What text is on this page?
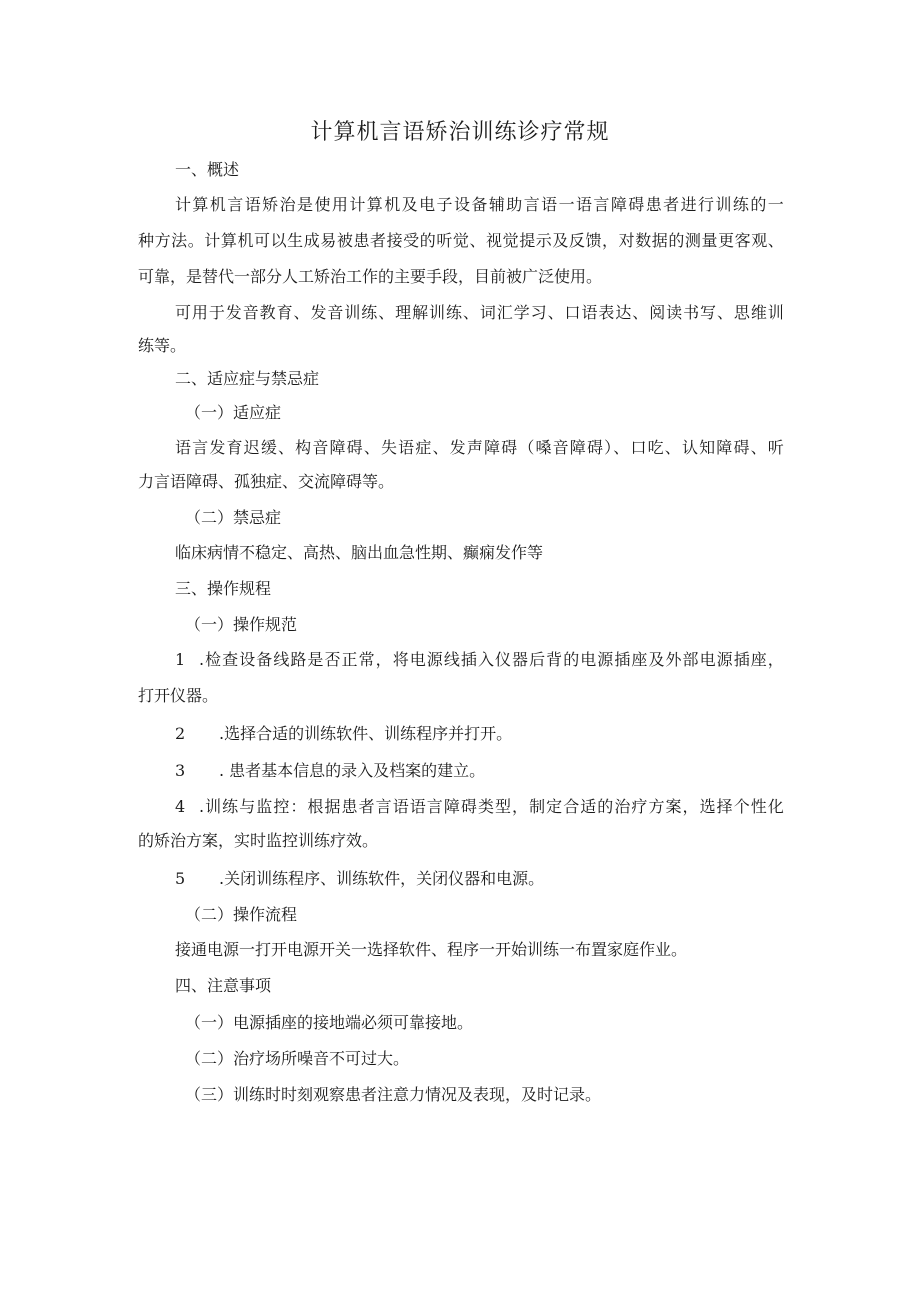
计算机言语矫治训练诊疗常规

一、概述

计算机言语矫治是使用计算机及电子设备辅助言语一语言障碍患者进行训练的一

种方法。计算机可以生成易被患者接受的听觉、视觉提示及反馈，对数据的测量更客观、

可靠，是替代一部分人工矫治工作的主要手段，目前被广泛使用。

可用于发音教育、发音训练、理解训练、词汇学习、口语表达、阅读书写、思维训

练等。

二、适应症与禁忌症

（一）适应症

语言发育迟缓、构音障碍、失语症、发声障碍（嗓音障碍）、口吃、认知障碍、听

力言语障碍、孤独症、交流障碍等。

（二）禁忌症

临床病情不稳定、高热、脑出血急性期、癫痫发作等

三、操作规程

（一）操作规范

1 .检查设备线路是否正常，将电源线插入仪器后背的电源插座及外部电源插座，

打开仪器。

2 .选择合适的训练软件、训练程序并打开。

3 . 患者基本信息的录入及档案的建立。

4 .训练与监控：根据患者言语语言障碍类型，制定合适的治疗方案，选择个性化

的矫治方案，实时监控训练疗效。

5 .关闭训练程序、训练软件，关闭仪器和电源。

（二）操作流程

接通电源一打开电源开关一选择软件、程序一开始训练一布置家庭作业。

四、注意事项

（一）电源插座的接地端必须可靠接地。

（二）治疗场所噪音不可过大。

（三）训练时时刻观察患者注意力情况及表现，及时记录。
